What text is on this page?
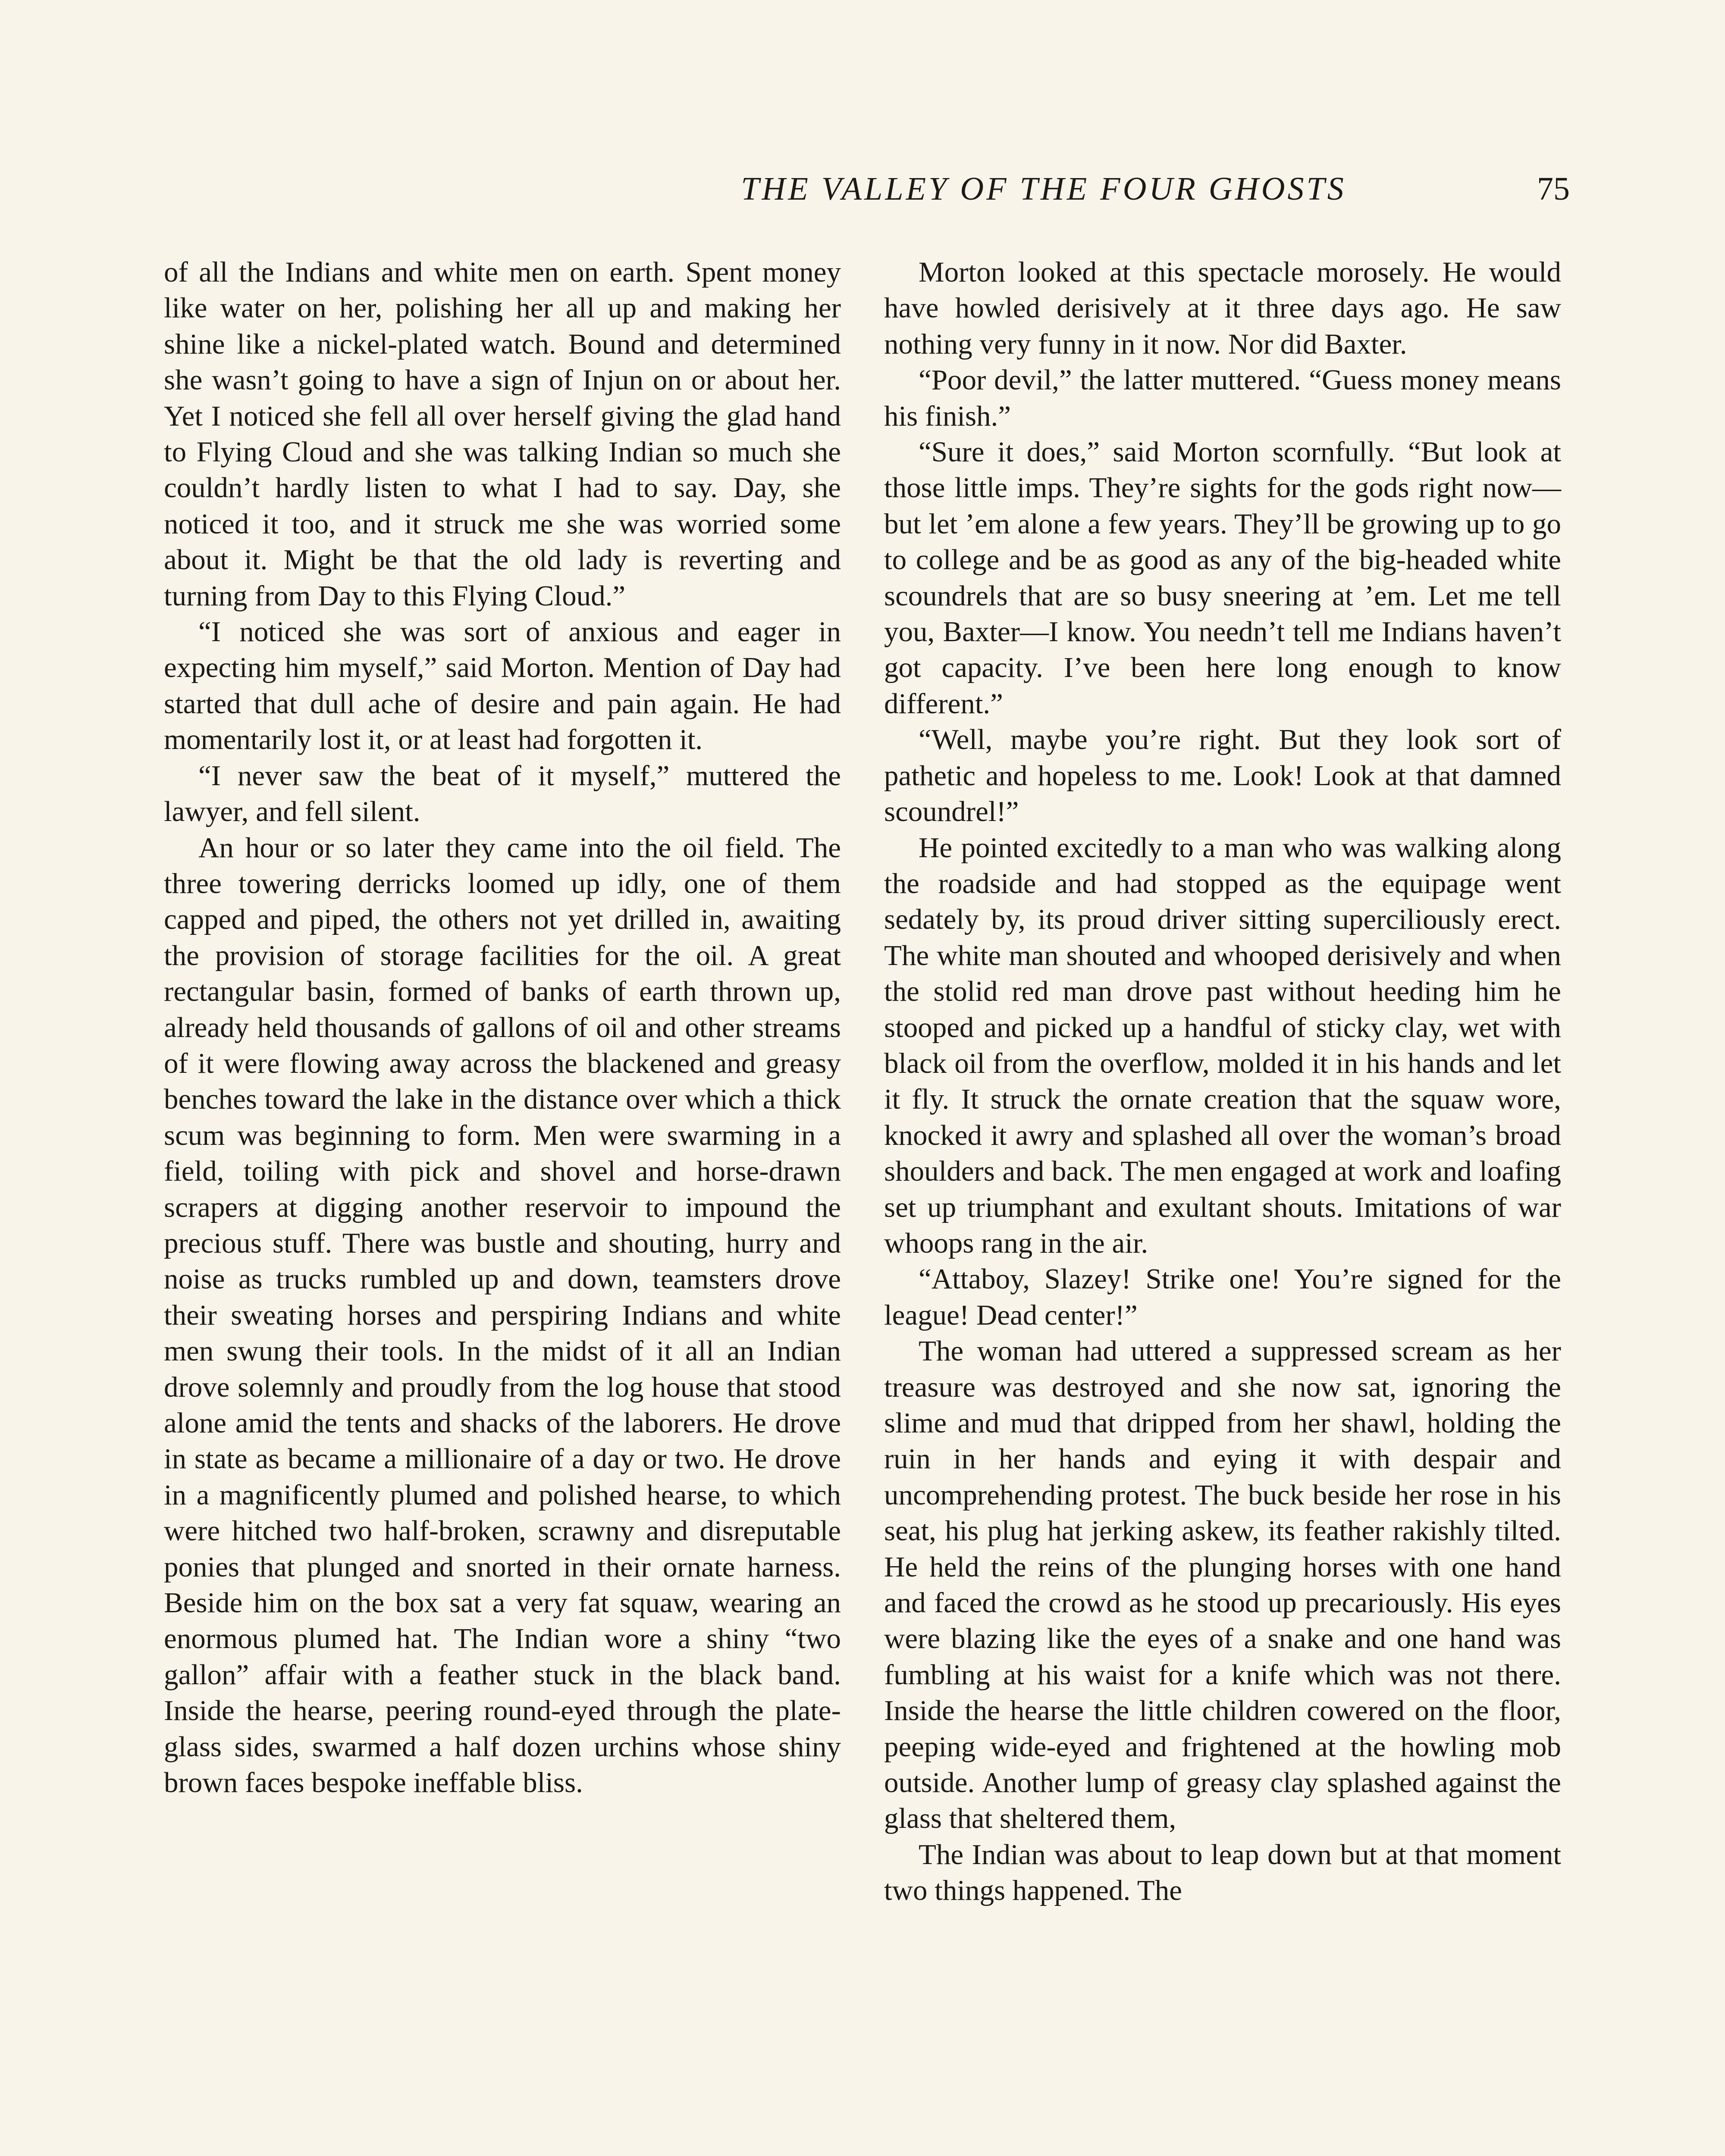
THE VALLEY OF THE FOUR GHOSTS	75

of all the Indians and white men on earth. Spent money like water on her, polishing her all up and making her shine like a nickel-plated watch. Bound and determined she wasn’t going to have a sign of Injun on or about her. Yet I noticed she fell all over herself giving the glad hand to Flying Cloud and she was talking Indian so much she couldn’t hardly listen to what I had to say. Day, she noticed it too, and it struck me she was worried some about it. Might be that the old lady is reverting and turning from Day to this Flying Cloud.”

“I noticed she was sort of anxious and eager in expecting him myself,” said Morton. Mention of Day had started that dull ache of desire and pain again. He had momentarily lost it, or at least had forgotten it.

“I never saw the beat of it myself,” muttered the lawyer, and fell silent.

An hour or so later they came into the oil field. The three towering derricks loomed up idly, one of them capped and piped, the others not yet drilled in, awaiting the provision of storage facilities for the oil. A great rectangular basin, formed of banks of earth thrown up, already held thousands of gallons of oil and other streams of it were flowing away across the blackened and greasy benches toward the lake in the distance over which a thick scum was beginning to form. Men were swarming in a field, toiling with pick and shovel and horse-drawn scrapers at digging another reservoir to impound the precious stuff. There was bustle and shouting, hurry and noise as trucks rumbled up and down, teamsters drove their sweating horses and perspiring Indians and white men swung their tools. In the midst of it all an Indian drove solemnly and proudly from the log house that stood alone amid the tents and shacks of the laborers. He drove in state as became a millionaire of a day or two. He drove in a magnificently plumed and polished hearse, to which were hitched two half-broken, scrawny and disreputable ponies that plunged and snorted in their ornate harness. Beside him on the box sat a very fat squaw, wearing an enormous plumed hat. The Indian wore a shiny “two gallon” affair with a feather stuck in the black band. Inside the hearse, peering round-eyed through the plate-glass sides, swarmed a half dozen urchins whose shiny brown faces bespoke ineffable bliss.

Morton looked at this spectacle morosely. He would have howled derisively at it three days ago. He saw nothing very funny in it now. Nor did Baxter.

“Poor devil,” the latter muttered. “Guess money means his finish.”

“Sure it does,” said Morton scornfully. “But look at those little imps. They’re sights for the gods right now—but let ’em alone a few years. They’ll be growing up to go to college and be as good as any of the big-headed white scoundrels that are so busy sneering at ’em. Let me tell you, Baxter—I know. You needn’t tell me Indians haven’t got capacity. I’ve been here long enough to know different.”

“Well, maybe you’re right. But they look sort of pathetic and hopeless to me. Look! Look at that damned scoundrel!”

He pointed excitedly to a man who was walking along the roadside and had stopped as the equipage went sedately by, its proud driver sitting superciliously erect. The white man shouted and whooped derisively and when the stolid red man drove past without heeding him he stooped and picked up a handful of sticky clay, wet with black oil from the overflow, molded it in his hands and let it fly. It struck the ornate creation that the squaw wore, knocked it awry and splashed all over the woman’s broad shoulders and back. The men engaged at work and loafing set up triumphant and exultant shouts. Imitations of war whoops rang in the air.

“Attaboy, Slazey! Strike one! You’re signed for the league! Dead center!”

The woman had uttered a suppressed scream as her treasure was destroyed and she now sat, ignoring the slime and mud that dripped from her shawl, holding the ruin in her hands and eying it with despair and uncomprehending protest. The buck beside her rose in his seat, his plug hat jerking askew, its feather rakishly tilted. He held the reins of the plunging horses with one hand and faced the crowd as he stood up precariously. His eyes were blazing like the eyes of a snake and one hand was fumbling at his waist for a knife which was not there. Inside the hearse the little children cowered on the floor, peeping wide-eyed and frightened at the howling mob outside. Another lump of greasy clay splashed against the glass that sheltered them,

The Indian was about to leap down but at that moment two things happened. The
